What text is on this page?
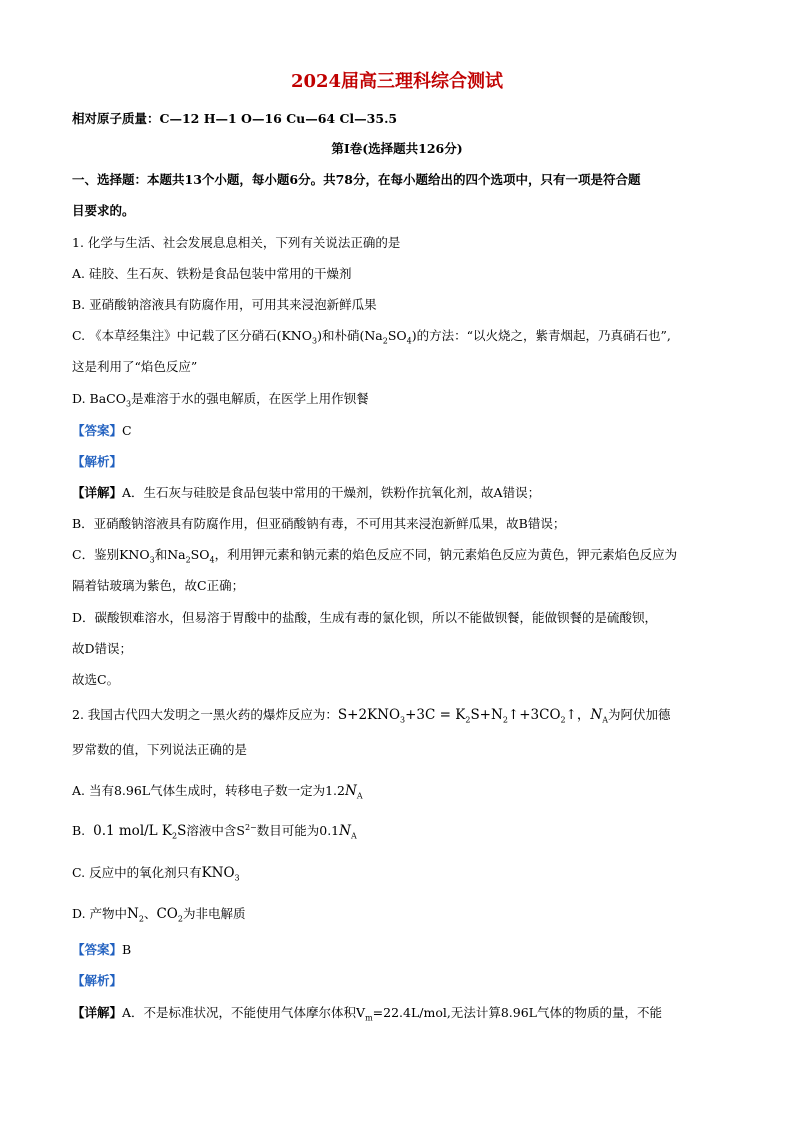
2024届高三理科综合测试
相对原子质量：C—12 H—1 O—16 Cu—64 Cl—35.5
第Ⅰ卷(选择题共126分)
一、选择题：本题共13个小题，每小题6分。共78分，在每小题给出的四个选项中，只有一项是符合题
目要求的。
1. 化学与生活、社会发展息息相关，下列有关说法正确的是
A. 硅胶、生石灰、铁粉是食品包装中常用的干燥剂
B. 亚硝酸钠溶液具有防腐作用，可用其来浸泡新鲜瓜果
C. 《本草经集注》中记载了区分硝石$(KNO_3)$和朴硝$(Na_2SO_4)$的方法：“以火烧之，紫青烟起，乃真硝石也”,
这是利用了“焰色反应”
D. BaCO$_3$是难溶于水的强电解质，在医学上用作钡餐
【答案】C
【解析】
【详解】A．生石灰与硅胶是食品包装中常用的干燥剂，铁粉作抗氧化剂，故A错误；
B．亚硝酸钠溶液具有防腐作用，但亚硝酸钠有毒，不可用其来浸泡新鲜瓜果，故B错误；
C．鉴别$KNO_3$和$Na_2SO_4$，利用钾元素和钠元素的焰色反应不同，钠元素焰色反应为黄色，钾元素焰色反应为
隔着钴玻璃为紫色，故C正确；
D．碳酸钡难溶水，但易溶于胃酸中的盐酸，生成有毒的氯化钡，所以不能做钡餐，能做钡餐的是硫酸钡，
故D错误；
故选C。
2. 我国古代四大发明之一黑火药的爆炸反应为：$S+2KNO_3+3C$ = $K_2S+N_2↑+3CO_2↑$，$N_A$为阿伏加德
罗常数的值，下列说法正确的是
A. 当有8.96L气体生成时，转移电子数一定为$1.2N_A$
B. 0.1 mol/L $K_2S$溶液中含$S^{2-}$数目可能为$0.1N_A$
C. 反应中的氧化剂只有$KNO_3$
D. 产物中$N_2$、$CO_2$为非电解质
【答案】B
【解析】
【详解】A．不是标准状况，不能使用气体摩尔体积$V_m=22.4L$/mol,无法计算8.96L气体的物质的量，不能
